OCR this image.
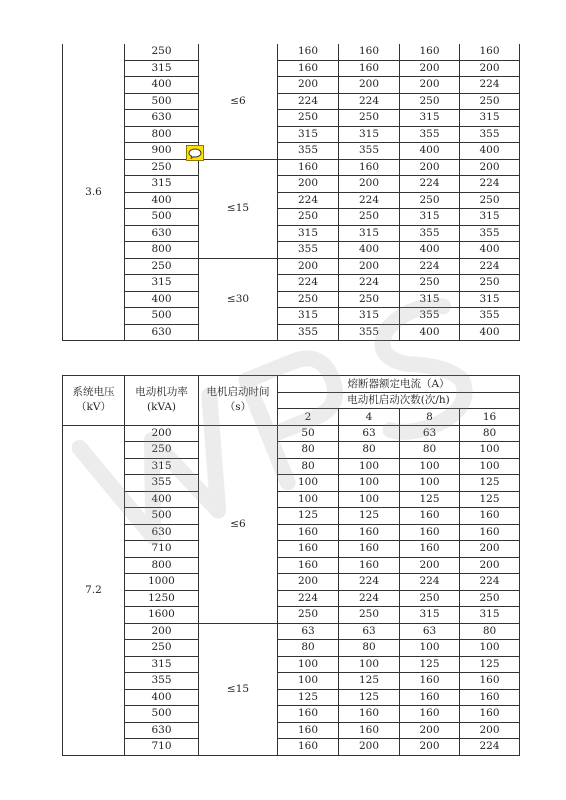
3.6	250	≤6	160	160	160	160
	315		160	160	200	200
	400		200	200	200	224
	500		224	224	250	250
	630		250	250	315	315
	800		315	315	355	355
	900		355	355	400	400
	250	≤15	160	160	200	200
	315		200	200	224	224
	400		224	224	250	250
	500		250	250	315	315
	630		315	315	355	355
	800		355	400	400	400
	250	≤30	200	200	224	224
	315		224	224	250	250
	400		250	250	315	315
	500		315	315	355	355
	630		355	355	400	400
系统电压（kV）	电动机功率(kVA)	电机启动时间（s）	熔断器额定电流（A）			
			电动机启动次数(次/h)			
			2	4	8	16
7.2	200	≤6	50	63	63	80
	250		80	80	80	100
	315		80	100	100	100
	355		100	100	100	125
	400		100	100	125	125
	500		125	125	160	160
	630		160	160	160	160
	710		160	160	160	200
	800		160	160	200	200
	1000		200	224	224	224
	1250		224	224	250	250
	1600		250	250	315	315
	200	≤15	63	63	63	80
	250		80	80	100	100
	315		100	100	125	125
	355		100	125	160	160
	400		125	125	160	160
	500		160	160	160	160
	630		160	160	200	200
	710		160	200	200	224
